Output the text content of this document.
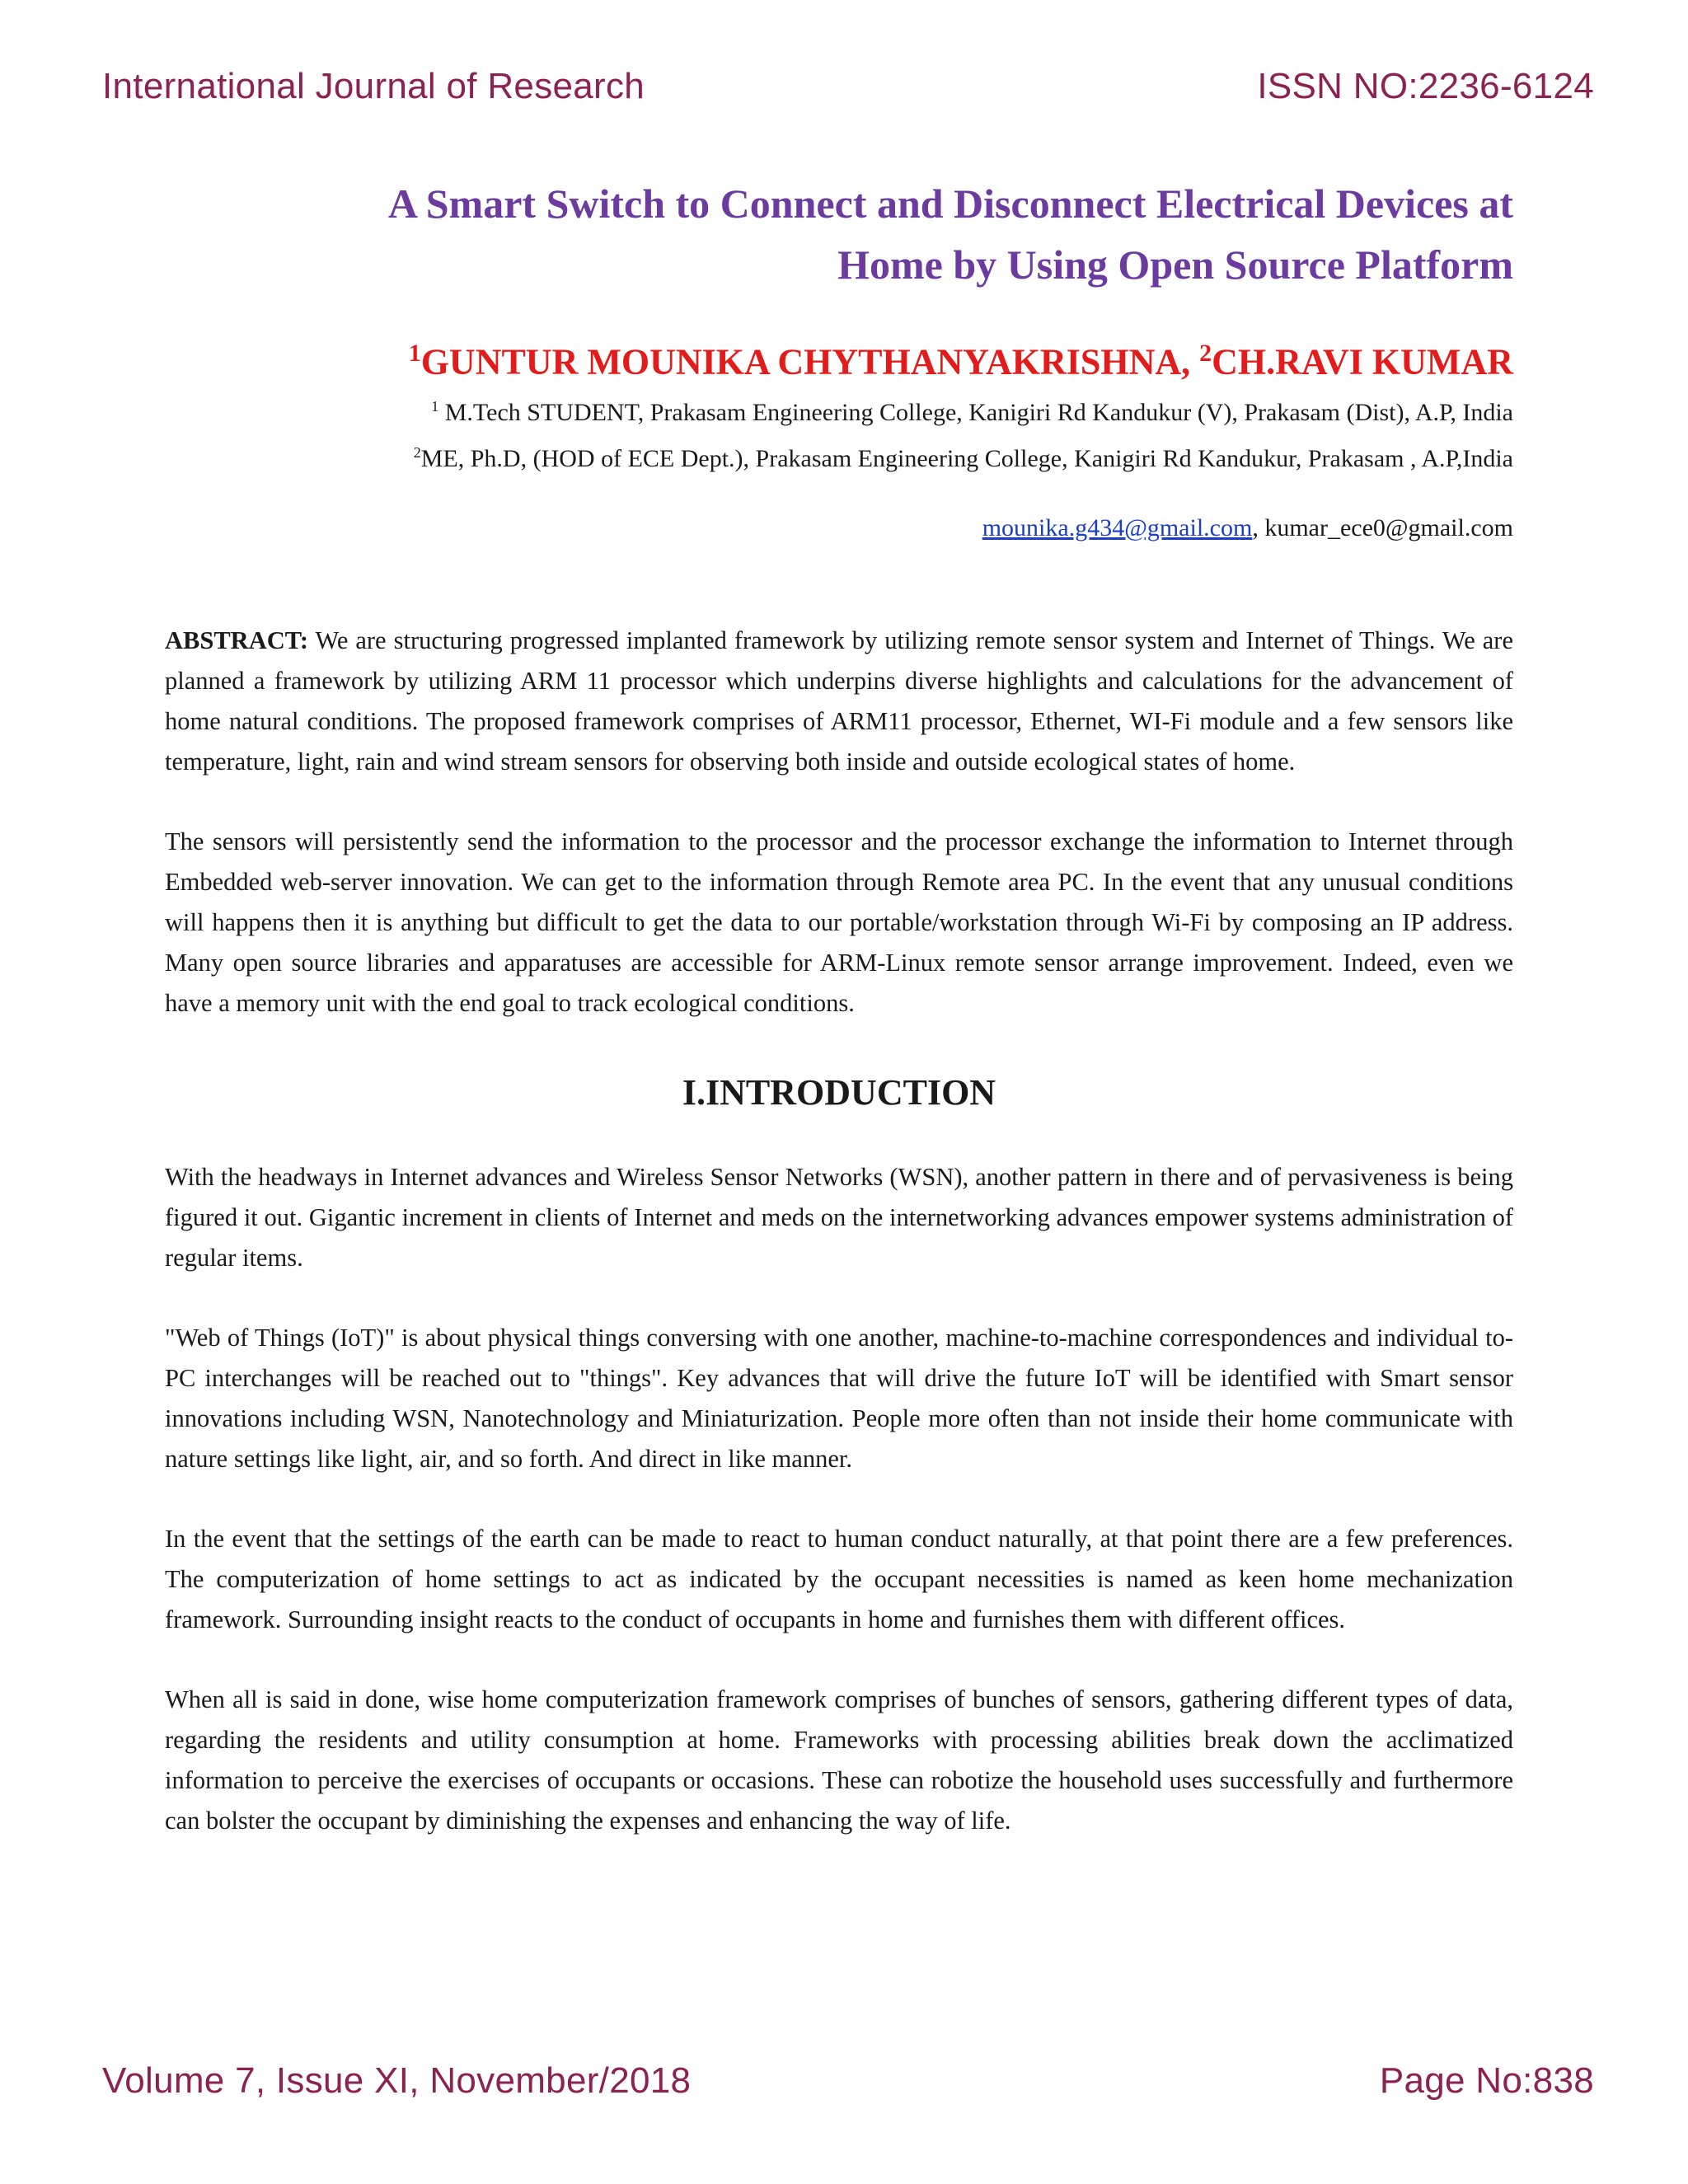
International Journal of Research	ISSN NO:2236-6124
A Smart Switch to Connect and Disconnect Electrical Devices at
Home by Using Open Source Platform
$^1$GUNTUR MOUNIKA CHYTHANYAKRISHNA, $^2$CH.RAVI KUMAR
$^1$ M.Tech STUDENT, Prakasam Engineering College, Kanigiri Rd Kandukur (V), Prakasam (Dist), A.P, India
$^2$ME, Ph.D, (HOD of ECE Dept.), Prakasam Engineering College, Kanigiri Rd Kandukur, Prakasam , A.P,India
mounika.g434@gmail.com, kumar_ece0@gmail.com

ABSTRACT: We are structuring progressed implanted framework by utilizing remote sensor system and Internet of Things. We are planned a framework by utilizing ARM 11 processor which underpins diverse highlights and calculations for the advancement of home natural conditions. The proposed framework comprises of ARM11 processor, Ethernet, WI-Fi module and a few sensors like temperature, light, rain and wind stream sensors for observing both inside and outside ecological states of home.

The sensors will persistently send the information to the processor and the processor exchange the information to Internet through Embedded web-server innovation. We can get to the information through Remote area PC. In the event that any unusual conditions will happens then it is anything but difficult to get the data to our portable/workstation through Wi-Fi by composing an IP address. Many open source libraries and apparatuses are accessible for ARM-Linux remote sensor arrange improvement. Indeed, even we have a memory unit with the end goal to track ecological conditions.

I.INTRODUCTION

With the headways in Internet advances and Wireless Sensor Networks (WSN), another pattern in there and of pervasiveness is being figured it out. Gigantic increment in clients of Internet and meds on the internetworking advances empower systems administration of regular items.

"Web of Things (IoT)" is about physical things conversing with one another, machine-to-machine correspondences and individual to-PC interchanges will be reached out to "things". Key advances that will drive the future IoT will be identified with Smart sensor innovations including WSN, Nanotechnology and Miniaturization. People more often than not inside their home communicate with nature settings like light, air, and so forth. And direct in like manner.

In the event that the settings of the earth can be made to react to human conduct naturally, at that point there are a few preferences. The computerization of home settings to act as indicated by the occupant necessities is named as keen home mechanization framework. Surrounding insight reacts to the conduct of occupants in home and furnishes them with different offices.

When all is said in done, wise home computerization framework comprises of bunches of sensors, gathering different types of data, regarding the residents and utility consumption at home. Frameworks with processing abilities break down the acclimatized information to perceive the exercises of occupants or occasions. These can robotize the household uses successfully and furthermore can bolster the occupant by diminishing the expenses and enhancing the way of life.

Volume 7, Issue XI, November/2018	Page No:838
